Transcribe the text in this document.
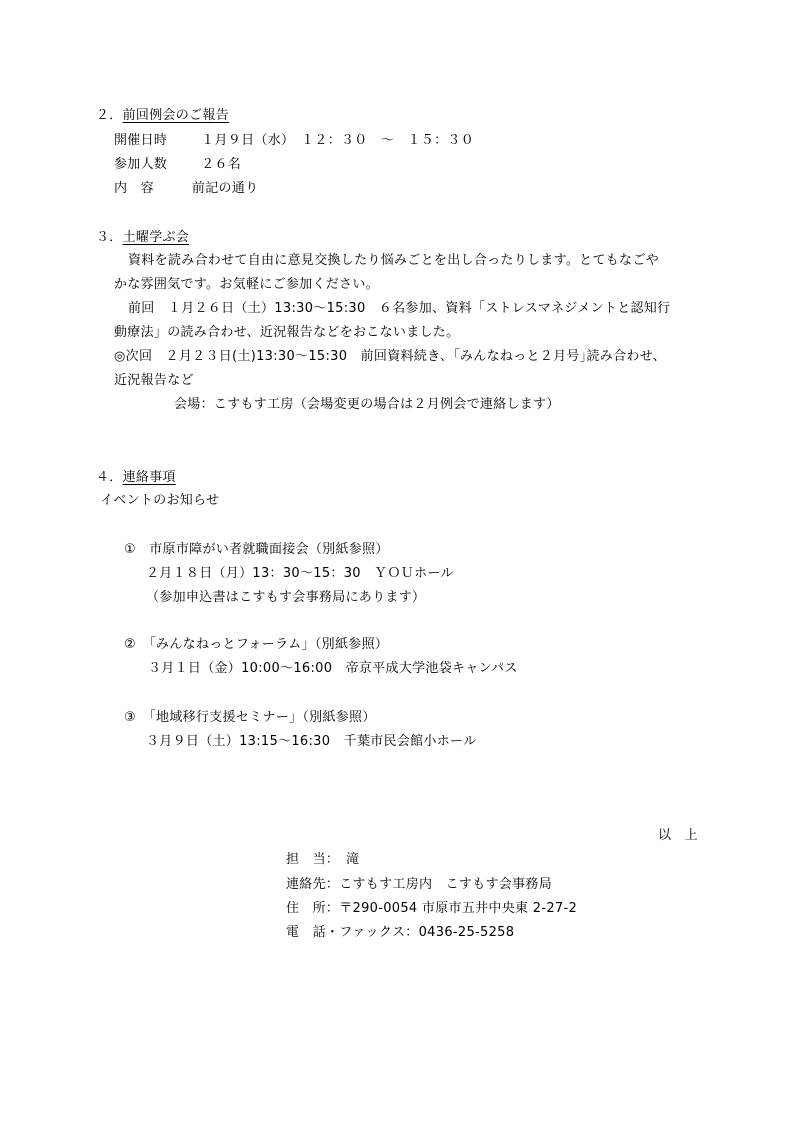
２．前回例会のご報告
開催日時	１月９日（水）　１２：３０　～　１５：３０
参加人数	２６名
内　容	前記の通り
３．土曜学ぶ会
資料を読み合わせて自由に意見交換したり悩みごとを出し合ったりします。とてもなごや
かな雰囲気です。お気軽にご参加ください。
前回　１月２６日（土）13:30～15:30　６名参加、資料「ストレスマネジメントと認知行
動療法」の読み合わせ、近況報告などをおこないました。
◎次回　２月２３日(土)13:30～15:30　前回資料続き、｢みんなねっと２月号｣読み合わせ、
近況報告など
会場：こすもす工房（会場変更の場合は２月例会で連絡します）
４．連絡事項
イベントのお知らせ
①　市原市障がい者就職面接会（別紙参照）
２月１８日（月）13：30～15：30　ＹＯＵホール
（参加申込書はこすもす会事務局にあります）
②　「みんなねっとフォーラム」（別紙参照）
３月１日（金）10:00～16:00　帝京平成大学池袋キャンパス
③　「地域移行支援セミナー」（別紙参照）
３月９日（土）13:15～16:30　千葉市民会館小ホール
以　上
担　当：　滝
連絡先：こすもす工房内　こすもす会事務局
住　所：〒290-0054 市原市五井中央東 2-27-2
電　話・ファックス：0436-25-5258
